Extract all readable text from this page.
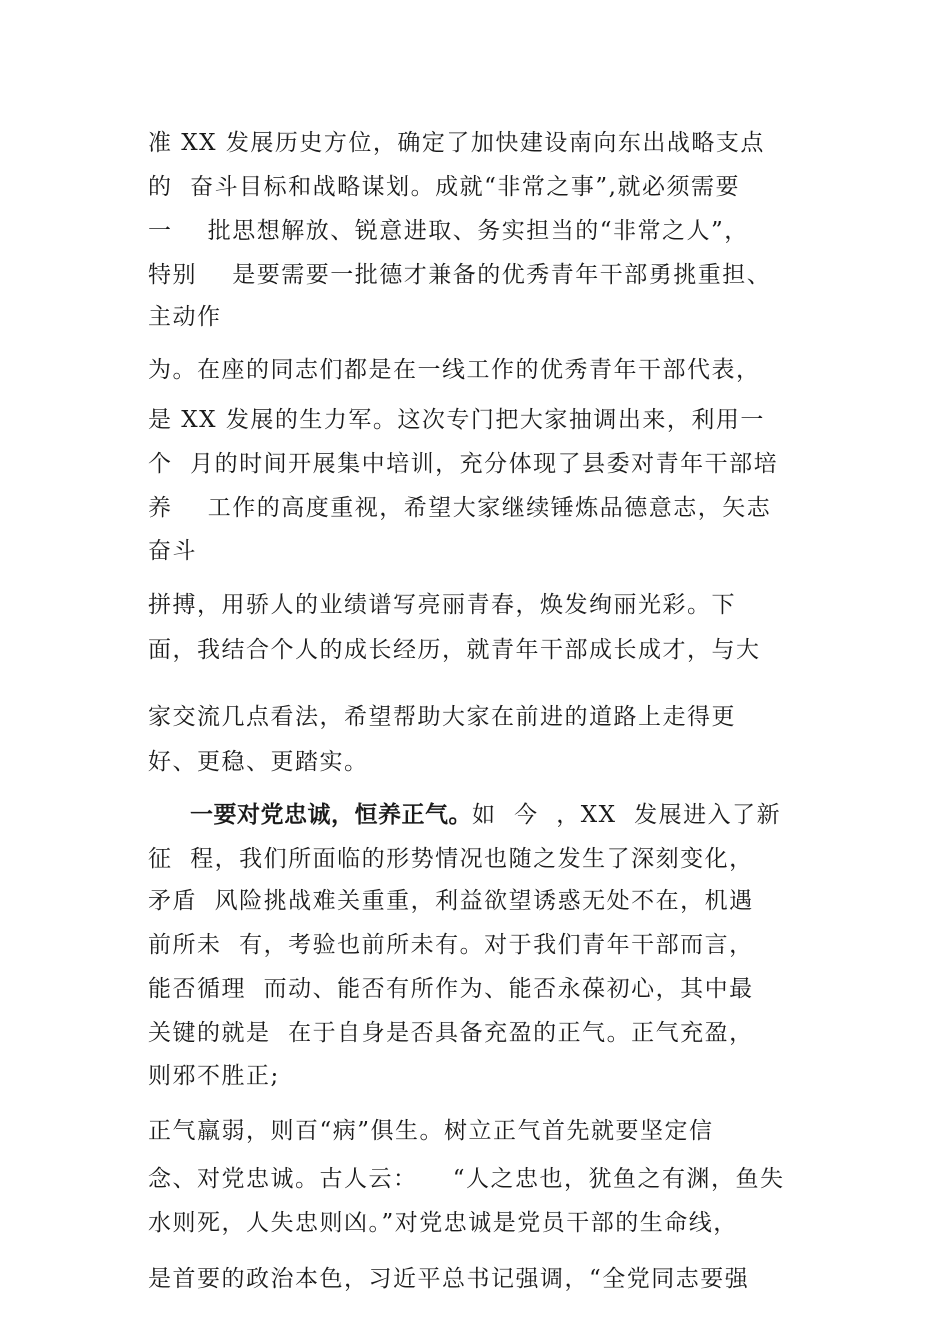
准 XX 发展历史方位，确定了加快建设南向东出战略支点
的  奋斗目标和战略谋划。成就“非常之事”,就必须需要
一    批思想解放、锐意进取、务实担当的“非常之人”，
特别    是要需要一批德才兼备的优秀青年干部勇挑重担、
主动作
为。在座的同志们都是在一线工作的优秀青年干部代表，
是 XX 发展的生力军。这次专门把大家抽调出来，利用一
个  月的时间开展集中培训，充分体现了县委对青年干部培
养    工作的高度重视，希望大家继续锤炼品德意志，矢志
奋斗
拼搏，用骄人的业绩谱写亮丽青春，焕发绚丽光彩。下
面，我结合个人的成长经历，就青年干部成长成才，与大
家交流几点看法，希望帮助大家在前进的道路上走得更
好、更稳、更踏实。
一要对党忠诚，恒养正气。如  今  ，XX  发展进入了新
征  程，我们所面临的形势情况也随之发生了深刻变化，
矛盾  风险挑战难关重重，利益欲望诱惑无处不在，机遇
前所未  有，考验也前所未有。对于我们青年干部而言，
能否循理  而动、能否有所作为、能否永葆初心，其中最
关键的就是  在于自身是否具备充盈的正气。正气充盈，
则邪不胜正;
正气羸弱，则百“病”俱生。树立正气首先就要坚定信
念、对党忠诚。古人云：    “人之忠也，犹鱼之有渊，鱼失
水则死，人失忠则凶。”对党忠诚是党员干部的生命线，
是首要的政治本色，习近平总书记强调，“全党同志要强
